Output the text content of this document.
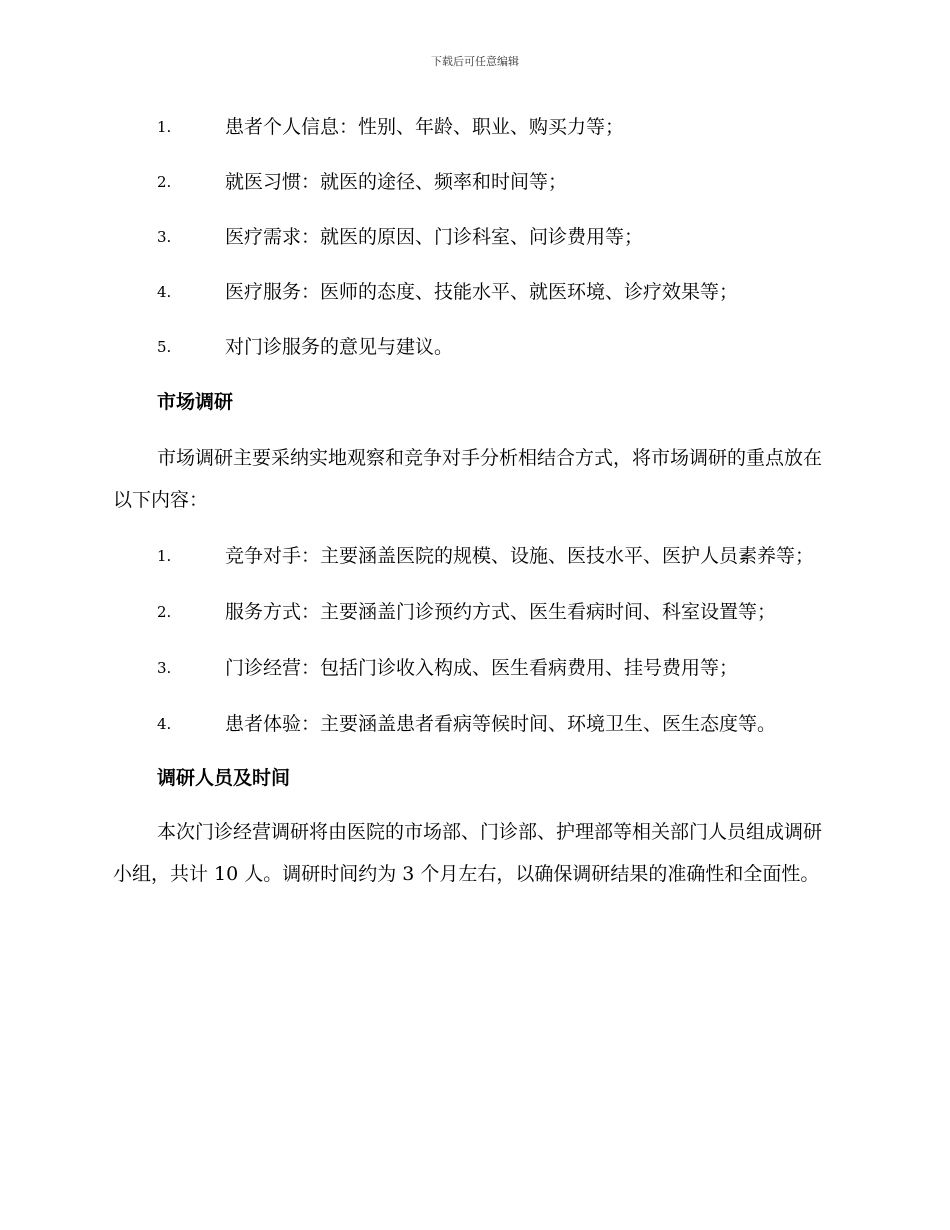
下载后可任意编辑

1.	患者个人信息：性别、年龄、职业、购买力等；

2.	就医习惯：就医的途径、频率和时间等；

3.	医疗需求：就医的原因、门诊科室、问诊费用等；

4.	医疗服务：医师的态度、技能水平、就医环境、诊疗效果等；

5.	对门诊服务的意见与建议。

市场调研

市场调研主要采纳实地观察和竞争对手分析相结合方式，将市场调研的重点放在以下内容：

1.	竞争对手：主要涵盖医院的规模、设施、医技水平、医护人员素养等；

2.	服务方式：主要涵盖门诊预约方式、医生看病时间、科室设置等；

3.	门诊经营：包括门诊收入构成、医生看病费用、挂号费用等；

4.	患者体验：主要涵盖患者看病等候时间、环境卫生、医生态度等。

调研人员及时间

本次门诊经营调研将由医院的市场部、门诊部、护理部等相关部门人员组成调研小组，共计 10 人。调研时间约为 3 个月左右，以确保调研结果的准确性和全面性。
